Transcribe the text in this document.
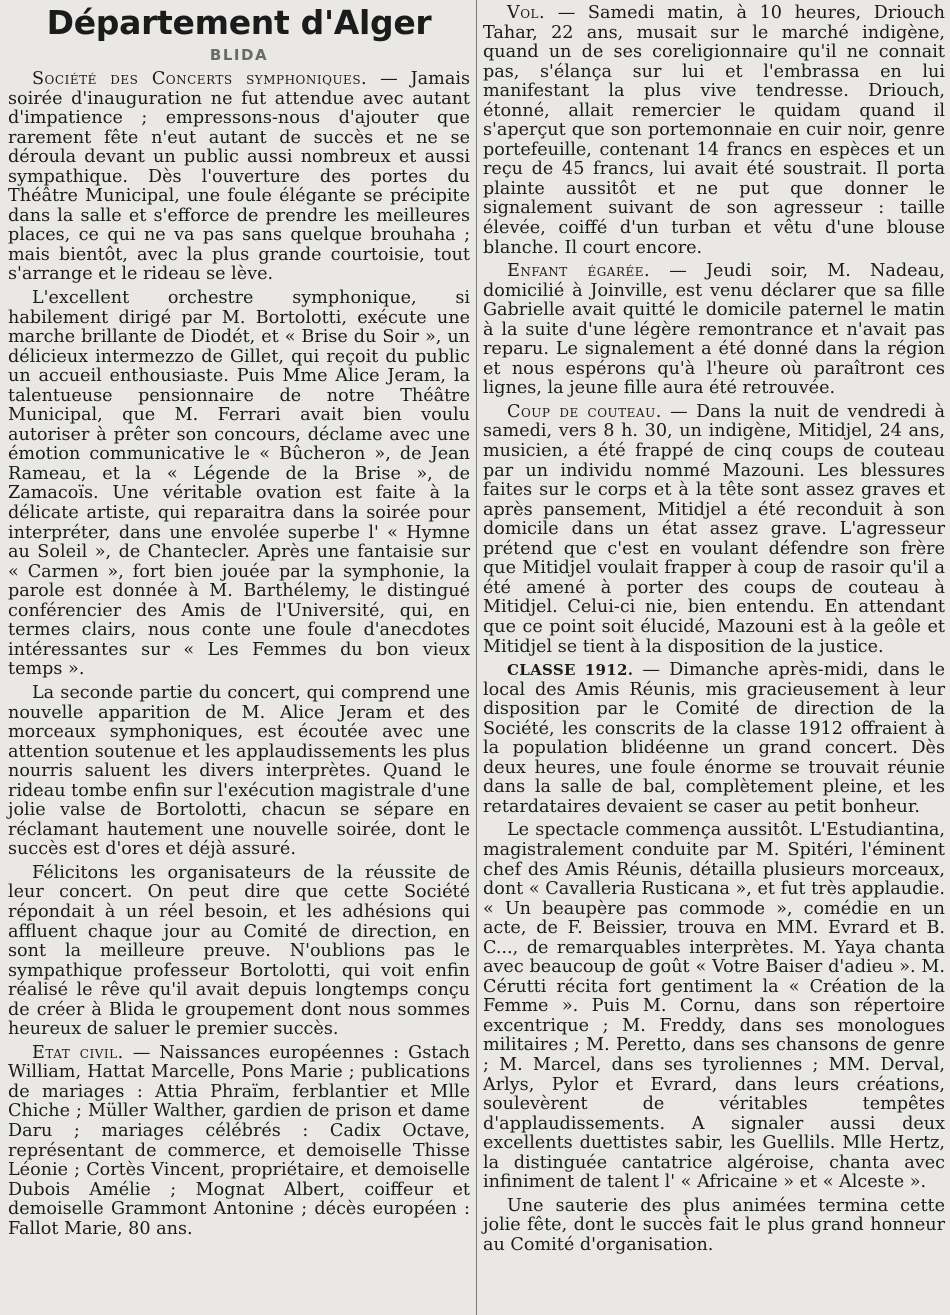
Département d'Alger
BLIDA

Société des Concerts symphoniques. — Jamais soirée d'inauguration ne fut attendue avec autant d'impatience ; empressons-nous d'ajouter que rarement fête n'eut autant de succès et ne se déroula devant un public aussi nombreux et aussi sympathique. Dès l'ouverture des portes du Théâtre Municipal, une foule élégante se précipite dans la salle et s'efforce de prendre les meilleures places, ce qui ne va pas sans quelque brouhaha ; mais bientôt, avec la plus grande courtoisie, tout s'arrange et le rideau se lève.

L'excellent orchestre symphonique, si habilement dirigé par M. Bortolotti, exécute une marche brillante de Diodét, et « Brise du Soir », un délicieux intermezzo de Gillet, qui reçoit du public un accueil enthousiaste. Puis Mme Alice Jeram, la talentueuse pensionnaire de notre Théâtre Municipal, que M. Ferrari avait bien voulu autoriser à prêter son concours, déclame avec une émotion communicative le « Bûcheron », de Jean Rameau, et la « Légende de la Brise », de Zamacoïs. Une véritable ovation est faite à la délicate artiste, qui reparaitra dans la soirée pour interpréter, dans une envolée superbe l' « Hymne au Soleil », de Chantecler. Après une fantaisie sur « Carmen », fort bien jouée par la symphonie, la parole est donnée à M. Barthélemy, le distingué conférencier des Amis de l'Université, qui, en termes clairs, nous conte une foule d'anecdotes intéressantes sur « Les Femmes du bon vieux temps ».

La seconde partie du concert, qui comprend une nouvelle apparition de M. Alice Jeram et des morceaux symphoniques, est écoutée avec une attention soutenue et les applaudissements les plus nourris saluent les divers interprètes. Quand le rideau tombe enfin sur l'exécution magistrale d'une jolie valse de Bortolotti, chacun se sépare en réclamant hautement une nouvelle soirée, dont le succès est d'ores et déjà assuré.

Félicitons les organisateurs de la réussite de leur concert. On peut dire que cette Société répondait à un réel besoin, et les adhésions qui affluent chaque jour au Comité de direction, en sont la meilleure preuve. N'oublions pas le sympathique professeur Bortolotti, qui voit enfin réalisé le rêve qu'il avait depuis longtemps conçu de créer à Blida le groupement dont nous sommes heureux de saluer le premier succès.

Etat civil. — Naissances européennes : Gstach William, Hattat Marcelle, Pons Marie ; publications de mariages : Attia Phraïm, ferblantier et Mlle Chiche ; Müller Walther, gardien de prison et dame Daru ; mariages célébrés : Cadix Octave, représentant de commerce, et demoiselle Thisse Léonie ; Cortès Vincent, propriétaire, et demoiselle Dubois Amélie ; Mognat Albert, coiffeur et demoiselle Grammont Antonine ; décès européen : Fallot Marie, 80 ans.

Vol. — Samedi matin, à 10 heures, Driouch Tahar, 22 ans, musait sur le marché indigène, quand un de ses coreligionnaire qu'il ne connait pas, s'élança sur lui et l'embrassa en lui manifestant la plus vive tendresse. Driouch, étonné, allait remercier le quidam quand il s'aperçut que son portemonnaie en cuir noir, genre portefeuille, contenant 14 francs en espèces et un reçu de 45 francs, lui avait été soustrait. Il porta plainte aussitôt et ne put que donner le signalement suivant de son agresseur : taille élevée, coiffé d'un turban et vêtu d'une blouse blanche. Il court encore.

Enfant égarée. — Jeudi soir, M. Nadeau, domicilié à Joinville, est venu déclarer que sa fille Gabrielle avait quitté le domicile paternel le matin à la suite d'une légère remontrance et n'avait pas reparu. Le signalement a été donné dans la région et nous espérons qu'à l'heure où paraîtront ces lignes, la jeune fille aura été retrouvée.

Coup de couteau. — Dans la nuit de vendredi à samedi, vers 8 h. 30, un indigène, Mitidjel, 24 ans, musicien, a été frappé de cinq coups de couteau par un individu nommé Mazouni. Les blessures faites sur le corps et à la tête sont assez graves et après pansement, Mitidjel a été reconduit à son domicile dans un état assez grave. L'agresseur prétend que c'est en voulant défendre son frère que Mitidjel voulait frapper à coup de rasoir qu'il a été amené à porter des coups de couteau à Mitidjel. Celui-ci nie, bien entendu. En attendant que ce point soit élucidé, Mazouni est à la geôle et Mitidjel se tient à la disposition de la justice.

CLASSE 1912. — Dimanche après-midi, dans le local des Amis Réunis, mis gracieusement à leur disposition par le Comité de direction de la Société, les conscrits de la classe 1912 offraient à la population blidéenne un grand concert. Dès deux heures, une foule énorme se trouvait réunie dans la salle de bal, complètement pleine, et les retardataires devaient se caser au petit bonheur.

Le spectacle commença aussitôt. L'Estudiantina, magistralement conduite par M. Spitéri, l'éminent chef des Amis Réunis, détailla plusieurs morceaux, dont « Cavalleria Rusticana », et fut très applaudie. « Un beaupère pas commode », comédie en un acte, de F. Beissier, trouva en MM. Evrard et B. C..., de remarquables interprètes. M. Yaya chanta avec beaucoup de goût « Votre Baiser d'adieu ». M. Cérutti récita fort gentiment la « Création de la Femme ». Puis M. Cornu, dans son répertoire excentrique ; M. Freddy, dans ses monologues militaires ; M. Peretto, dans ses chansons de genre ; M. Marcel, dans ses tyroliennes ; MM. Derval, Arlys, Pylor et Evrard, dans leurs créations, soulevèrent de véritables tempêtes d'applaudissements. A signaler aussi deux excellents duettistes sabir, les Guellils. Mlle Hertz, la distinguée cantatrice algéroise, chanta avec infiniment de talent l' « Africaine » et « Alceste ».

Une sauterie des plus animées termina cette jolie fête, dont le succès fait le plus grand honneur au Comité d'organisation.
